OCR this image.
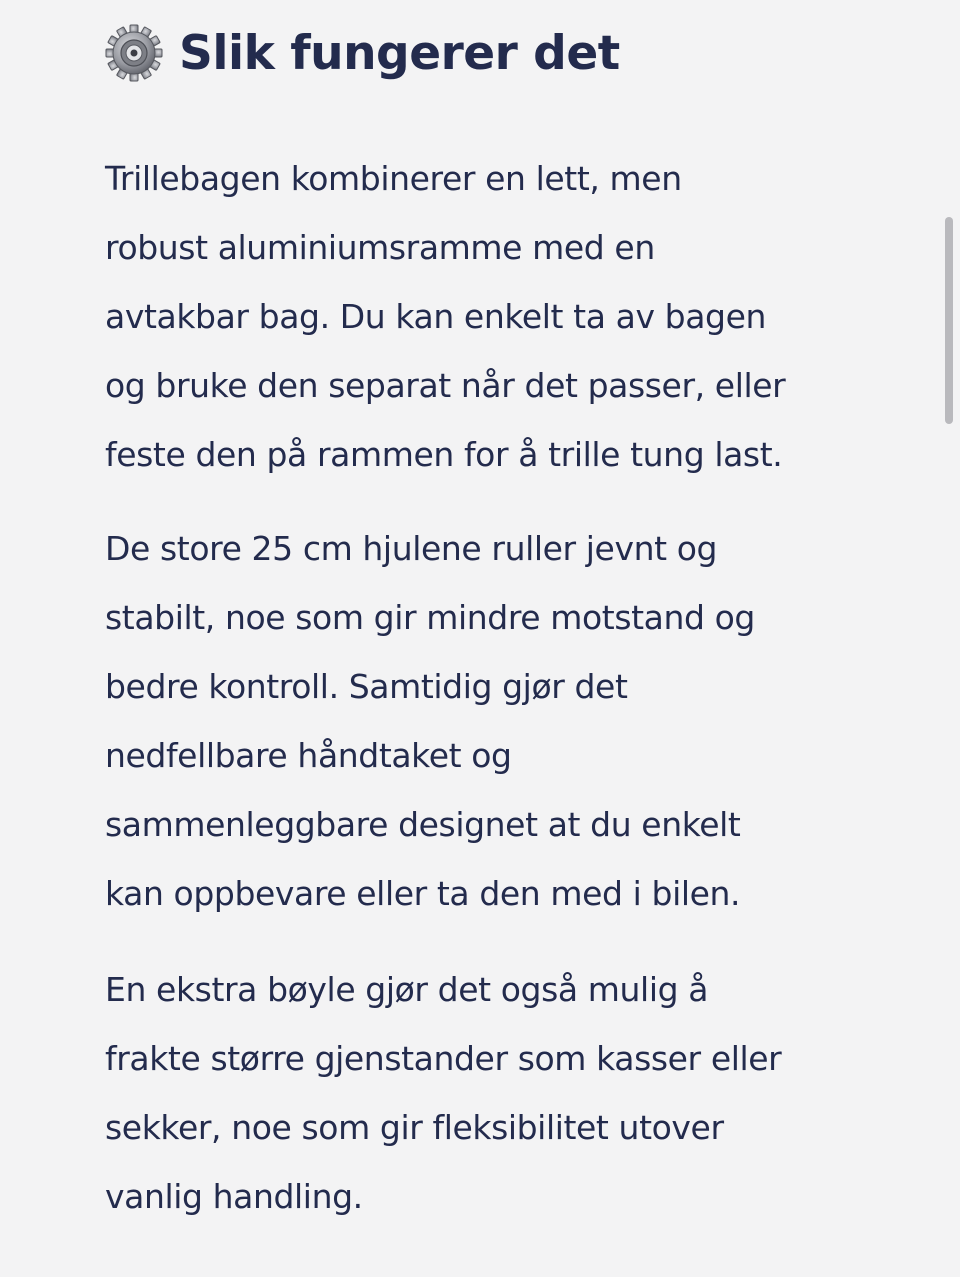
Slik fungerer det

Trillebagen kombinerer en lett, men
robust aluminiumsramme med en
avtakbar bag. Du kan enkelt ta av bagen
og bruke den separat når det passer, eller
feste den på rammen for å trille tung last.

De store 25 cm hjulene ruller jevnt og
stabilt, noe som gir mindre motstand og
bedre kontroll. Samtidig gjør det
nedfellbare håndtaket og
sammenleggbare designet at du enkelt
kan oppbevare eller ta den med i bilen.

En ekstra bøyle gjør det også mulig å
frakte større gjenstander som kasser eller
sekker, noe som gir fleksibilitet utover
vanlig handling.
